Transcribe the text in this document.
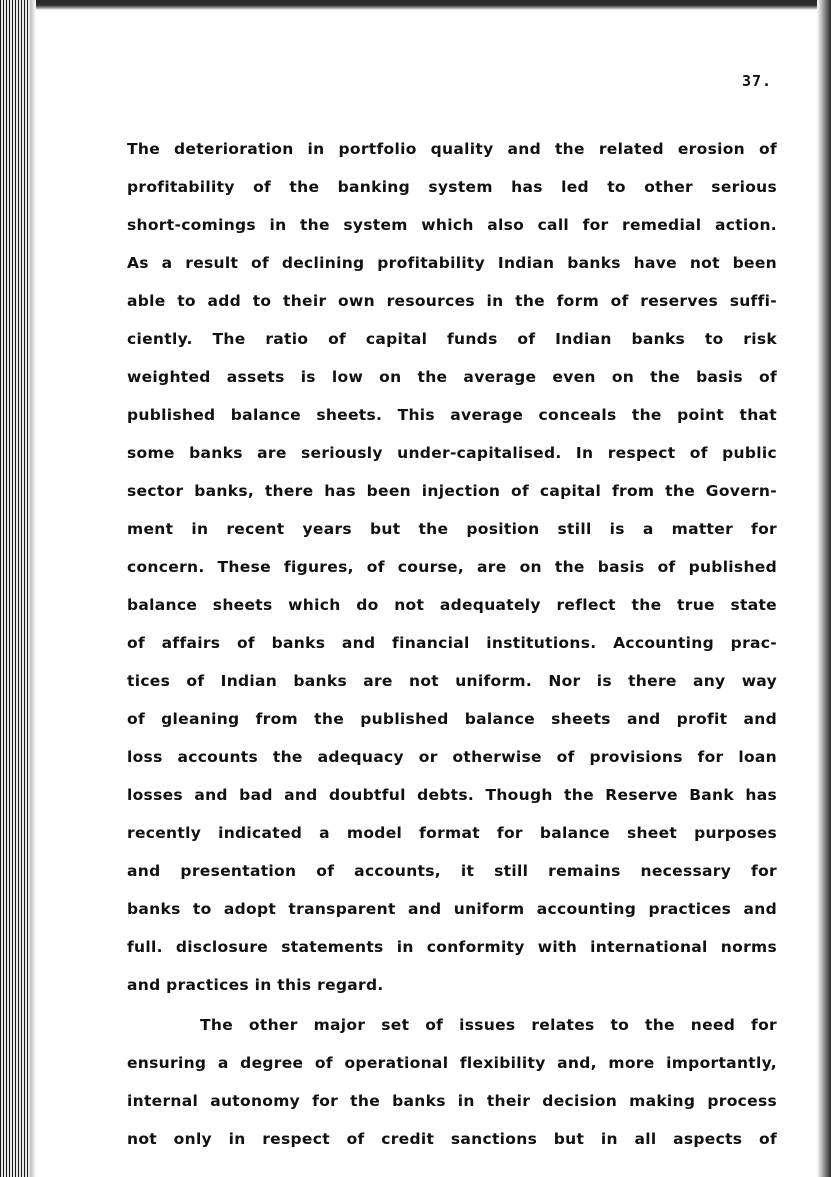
37.
The deterioration in portfolio quality and the related erosion of
profitability of the banking system has led to other serious
short-comings in the system which also call for remedial action.
As a result of declining profitability Indian banks have not been
able to add to their own resources in the form of reserves suffi-
ciently. The ratio of capital funds of Indian banks to risk
weighted assets is low on the average even on the basis of
published balance sheets. This average conceals the point that
some banks are seriously under-capitalised. In respect of public
sector banks, there has been injection of capital from the Govern-
ment in recent years but the position still is a matter for
concern. These figures, of course, are on the basis of published
balance sheets which do not adequately reflect the true state
of affairs of banks and financial institutions. Accounting prac-
tices of Indian banks are not uniform. Nor is there any way
of gleaning from the published balance sheets and profit and
loss accounts the adequacy or otherwise of provisions for loan
losses and bad and doubtful debts. Though the Reserve Bank has
recently indicated a model format for balance sheet purposes
and presentation of accounts, it still remains necessary for
banks to adopt transparent and uniform accounting practices and
full. disclosure statements in conformity with international norms
and practices in this regard.
The other major set of issues relates to the need for
ensuring a degree of operational flexibility and, more importantly,
internal autonomy for the banks in their decision making process
not only in respect of credit sanctions but in all aspects of
